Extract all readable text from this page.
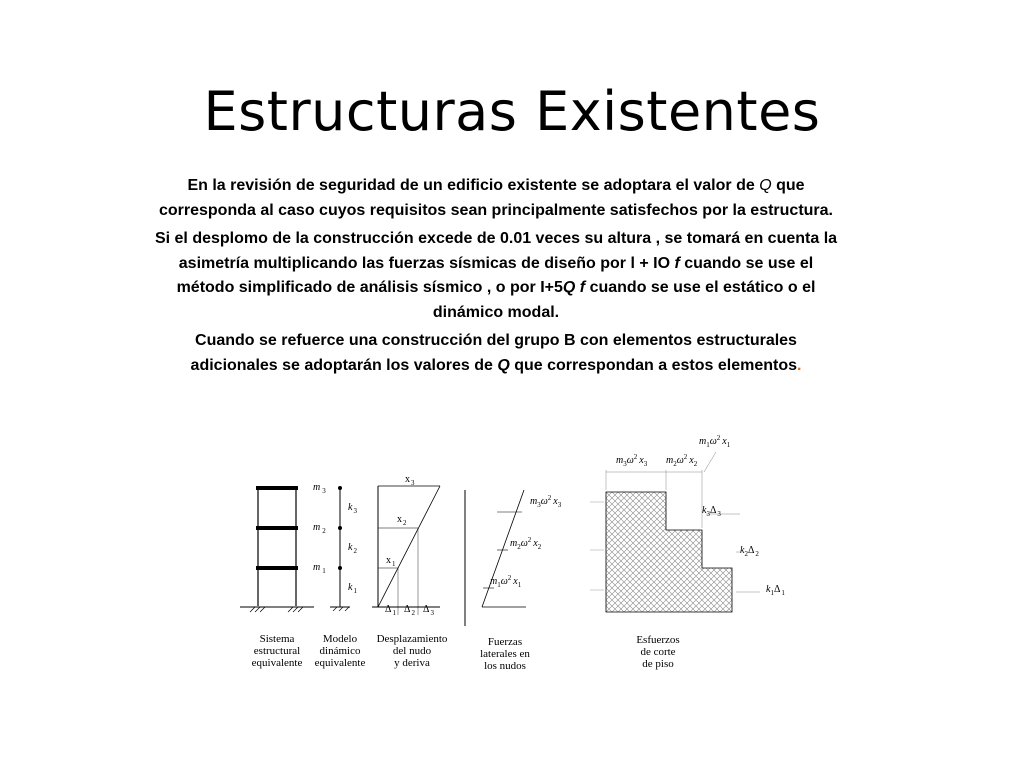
Estructuras Existentes

En la revisión de seguridad de un edificio existente se adoptara el valor de Q que corresponda al caso cuyos requisitos sean principalmente satisfechos por la estructura.

Si el desplomo de la construcción excede de 0.01 veces su altura , se tomará en cuenta la asimetría multiplicando las fuerzas sísmicas de diseño por l + IO f cuando se use el método simplificado de análisis sísmico , o por I+5Q f cuando se use el estático o el dinámico modal.

Cuando se refuerce una construcción del grupo B con elementos estructurales adicionales se adoptarán los valores de Q que correspondan a estos elementos.

m $_3$
m $_2$
m $_1$
$k_3$
$k_2$
$k_1$
$x_3$
$x_2$
$x_1$
$\Delta_1$ $\Delta_2$ $\Delta_3$
$m_3\omega^2$ $x_3$
$m_2\omega^2$ $x_2$
$m_1\omega^2$ $x_1$
$m_1\omega^2$ $x_1$
$m_3\omega^2$ $x_3$ $m_2\omega^2$ $x_2$
$k_3\Delta_3$
$k_2\Delta_2$
$k_1\Delta_1$
Sistema
estructural
equivalente
Modelo
dinámico
equivalente
Desplazamiento
del nudo
y deriva
Fuerzas
laterales en
los nudos
Esfuerzos
de corte
de piso
